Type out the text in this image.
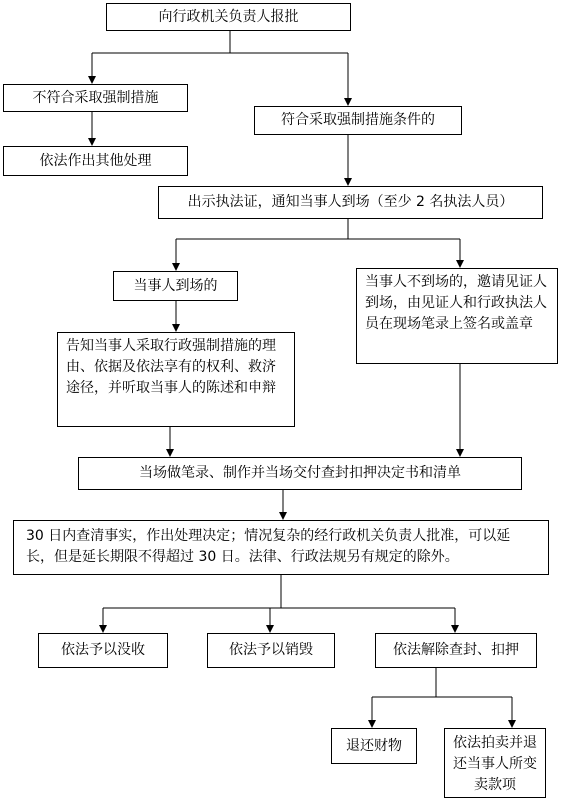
向行政机关负责人报批
不符合采取强制措施
依法作出其他处理
符合采取强制措施条件的
出示执法证，通知当事人到场（至少 2 名执法人员）
当事人到场的	当事人不到场的，邀请见证人到场，由见证人和行政执法人员在现场笔录上签名或盖章
告知当事人采取行政强制措施的理由、依据及依法享有的权利、救济途径，并听取当事人的陈述和申辩
当场做笔录、制作并当场交付查封扣押决定书和清单
30 日内查清事实，作出处理决定；情况复杂的经行政机关负责人批准，可以延长，但是延长期限不得超过 30 日。法律、行政法规另有规定的除外。
依法予以没收	依法予以销毁	依法解除查封、扣押
退还财物	依法拍卖并退还当事人所变卖款项
